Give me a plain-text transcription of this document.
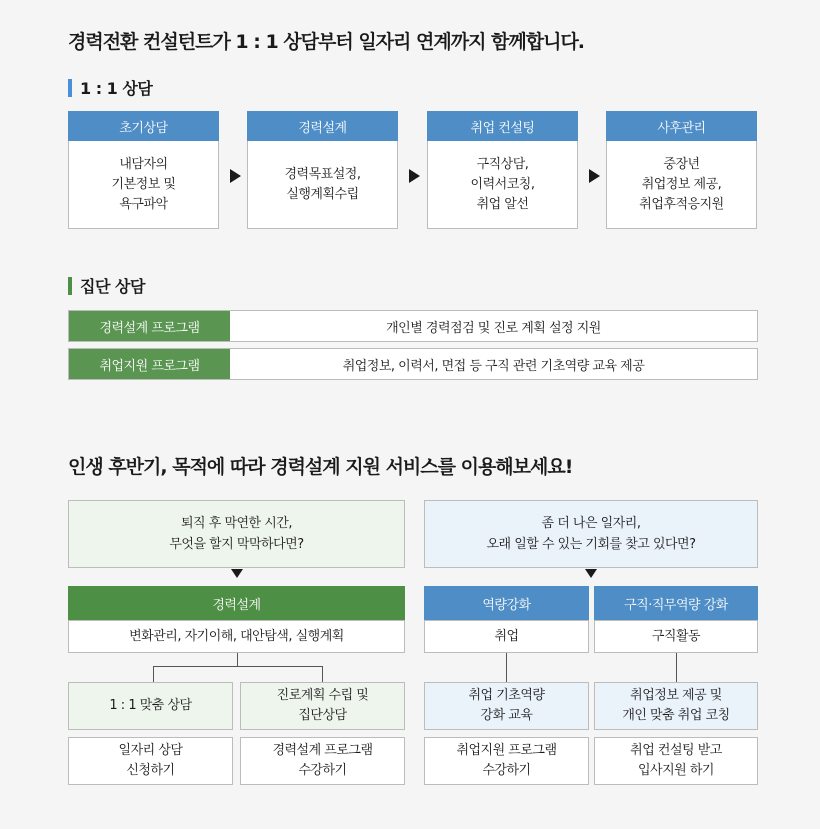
경력전환 컨설턴트가 1 : 1 상담부터 일자리 연계까지 함께합니다.
1 : 1 상담
초기상담
내담자의
기본정보 및
욕구파악
경력설계
경력목표설정,
실행계획수립
취업 컨설팅
구직상담,
이력서코칭,
취업 알선
사후관리
중장년
취업정보 제공,
취업후적응지원
집단 상담
경력설계 프로그램	개인별 경력점검 및 진로 계획 설정 지원
취업지원 프로그램	취업정보, 이력서, 면접 등 구직 관련 기초역량 교육 제공
인생 후반기, 목적에 따라 경력설계 지원 서비스를 이용해보세요!
퇴직 후 막연한 시간,
무엇을 할지 막막하다면?
경력설계
변화관리, 자기이해, 대안탐색, 실행계획
1 : 1 맞춤 상담
진로계획 수립 및
집단상담
일자리 상담
신청하기
경력설계 프로그램
수강하기
좀 더 나은 일자리,
오래 일할 수 있는 기회를 찾고 있다면?
역량강화	구직·직무역량 강화
취업	구직활동
취업 기초역량
강화 교육
취업정보 제공 및
개인 맞춤 취업 코칭
취업지원 프로그램
수강하기
취업 컨설팅 받고
입사지원 하기
